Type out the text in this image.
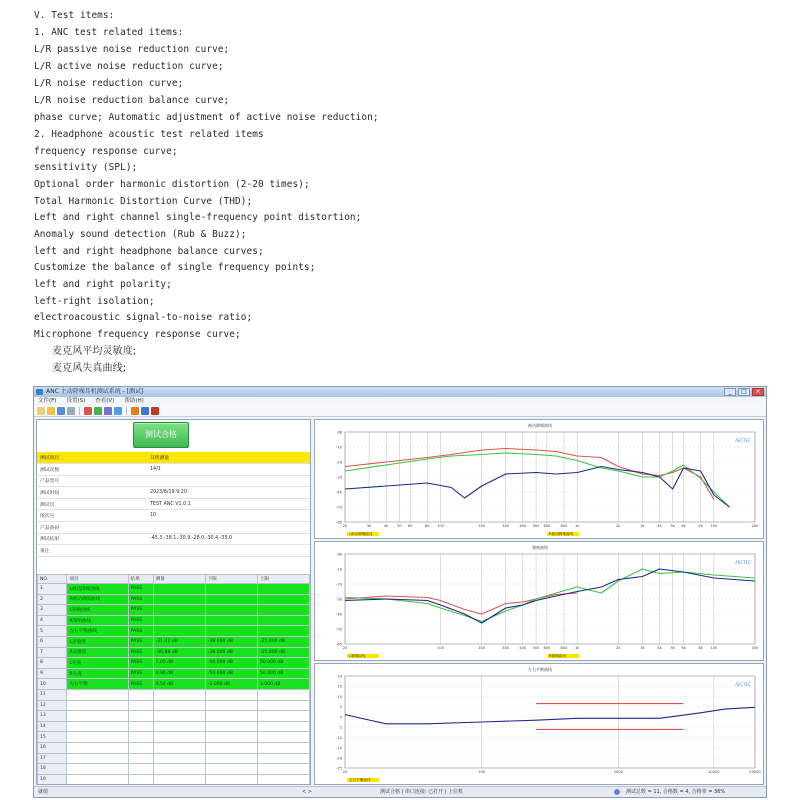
V. Test items:
1. ANC test related items:
L/R passive noise reduction curve;
L/R active noise reduction curve;
L/R noise reduction curve;
L/R noise reduction balance curve;
phase curve; Automatic adjustment of active noise reduction;
2. Headphone acoustic test related items
frequency response curve;
sensitivity (SPL);
Optional order harmonic distortion (2-20 times);
Total Harmonic Distortion Curve (THD);
Left and right channel single-frequency point distortion;
Anomaly sound detection (Rub & Buzz);
left and right headphone balance curves;
Customize the balance of single frequency points;
left and right polarity;
left-right isolation;
electroacoustic signal-to-noise ratio;
Microphone frequency response curve;
麦克风平均灵敏度;
麦克风失真曲线;
ANC 主动降噪耳机测试系统 - [测试]	_	□	×
文件(F) 设置(S) 查看(V) 帮助(H)
测试合格
测试项目	耳机测量
测试次数	14/1
产品型号	
测试时间	2023/6/19 9:20
测试员	TEST ANC V1.0.1
批次号	10
产品条码	
测试结果	-45.3,-38.1,-30.9,-28.0,-30.4,-35.0
备注	
NO.	项目	结果	测量	下限	上限
1	L被动降噪曲线	PASS			
2	R被动降噪曲线	PASS			
3	L频响曲线	PASS			
4	R频响曲线	PASS			
5	左右平衡曲线	PASS			
6	L灵敏度	PASS	-31.42 dB	-38.000 dB	-25.000 dB
7	R灵敏度	PASS	-30.88 dB	-38.000 dB	-25.000 dB
8	L失真	PASS	1.05 dB	-50.000 dB	50.000 dB
9	R失真	PASS	0.96 dB	-50.000 dB	50.000 dB
10	左右平衡	PASS	0.54 dB	-3.000 dB	3.000 dB
11					
12					
13					
14					
15					
16					
17					
18					
19					

被动降噪曲线
AECTEC
dB
-10
-20
-30
-40
-50
-60
20	30	40 50 60	80 100	200	300	400 500 600	800 1k	2k	3k	4k 5k 6k	8k 10k	20k
L被动降噪曲线	R被动降噪曲线
频响曲线
AECTEC
dB
-10
-20
-30
-40
-50
-60
20	100	200	300	400 500 600	800 1k	2k	3k	4k 5k 6k	8k 10k	20k
L频响曲线	R频响曲线
左右平衡曲线
AECTEC
20
15
10
5
0
-5
-10
-15
-20
-25
20	200	2000	10000	20000
左右平衡曲线
就绪	< >	测试合格 | 串口连接: 已打开 | 上位机	测试总数 = 11, 合格数 = 4, 合格率 = 36%
